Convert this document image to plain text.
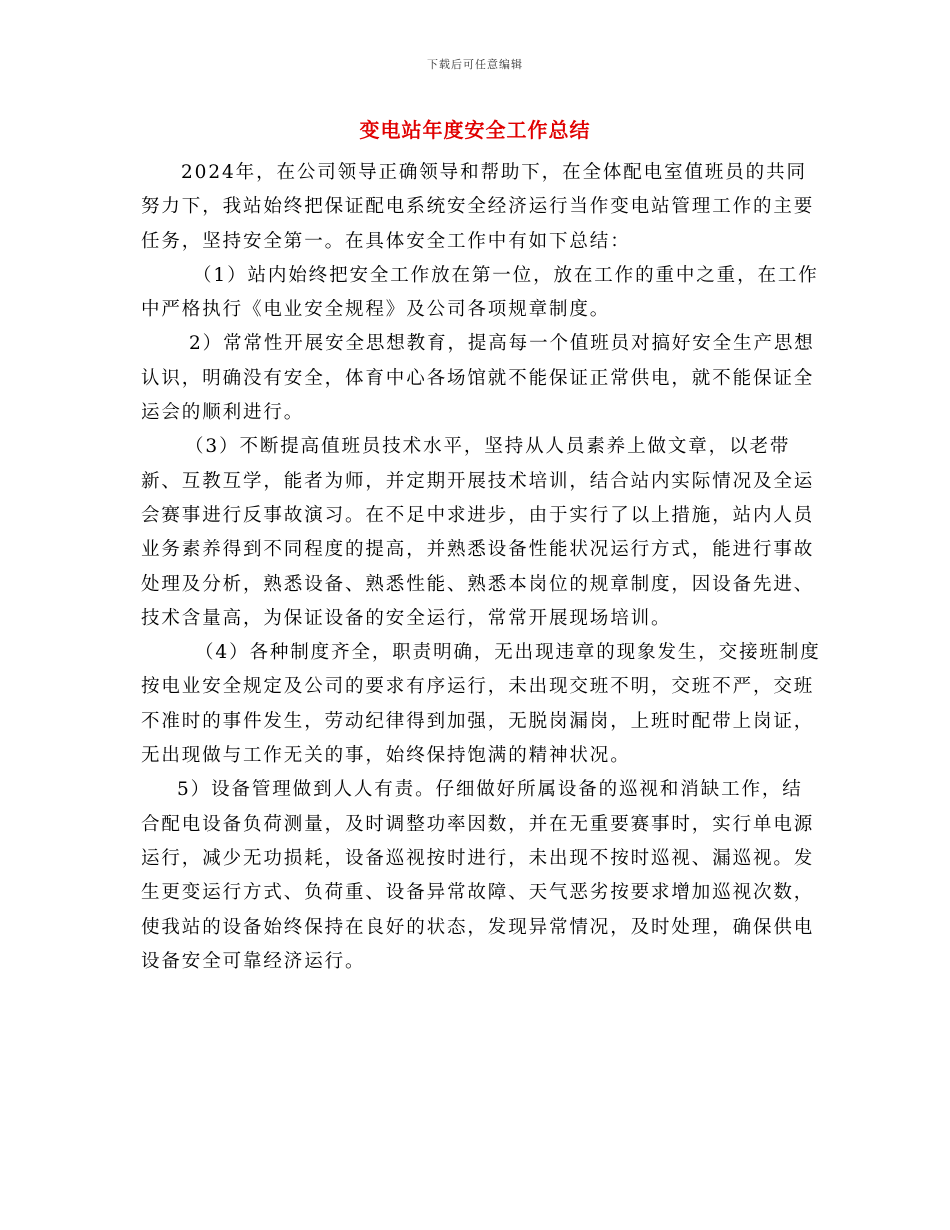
下载后可任意编辑
变电站年度安全工作总结

2024年，在公司领导正确领导和帮助下，在全体配电室值班员的共同努力下，我站始终把保证配电系统安全经济运行当作变电站管理工作的主要任务，坚持安全第一。在具体安全工作中有如下总结：

（1）站内始终把安全工作放在第一位，放在工作的重中之重，在工作中严格执行《电业安全规程》及公司各项规章制度。

2）常常性开展安全思想教育，提高每一个值班员对搞好安全生产思想认识，明确没有安全，体育中心各场馆就不能保证正常供电，就不能保证全运会的顺利进行。

（3）不断提高值班员技术水平，坚持从人员素养上做文章，以老带新、互教互学，能者为师，并定期开展技术培训，结合站内实际情况及全运会赛事进行反事故演习。在不足中求进步，由于实行了以上措施，站内人员业务素养得到不同程度的提高，并熟悉设备性能状况运行方式，能进行事故处理及分析，熟悉设备、熟悉性能、熟悉本岗位的规章制度，因设备先进、技术含量高，为保证设备的安全运行，常常开展现场培训。

（4）各种制度齐全，职责明确，无出现违章的现象发生，交接班制度按电业安全规定及公司的要求有序运行，未出现交班不明，交班不严，交班不准时的事件发生，劳动纪律得到加强，无脱岗漏岗，上班时配带上岗证，无出现做与工作无关的事，始终保持饱满的精神状况。

5）设备管理做到人人有责。仔细做好所属设备的巡视和消缺工作，结合配电设备负荷测量，及时调整功率因数，并在无重要赛事时，实行单电源运行，减少无功损耗，设备巡视按时进行，未出现不按时巡视、漏巡视。发生更变运行方式、负荷重、设备异常故障、天气恶劣按要求增加巡视次数，使我站的设备始终保持在良好的状态，发现异常情况，及时处理，确保供电设备安全可靠经济运行。
